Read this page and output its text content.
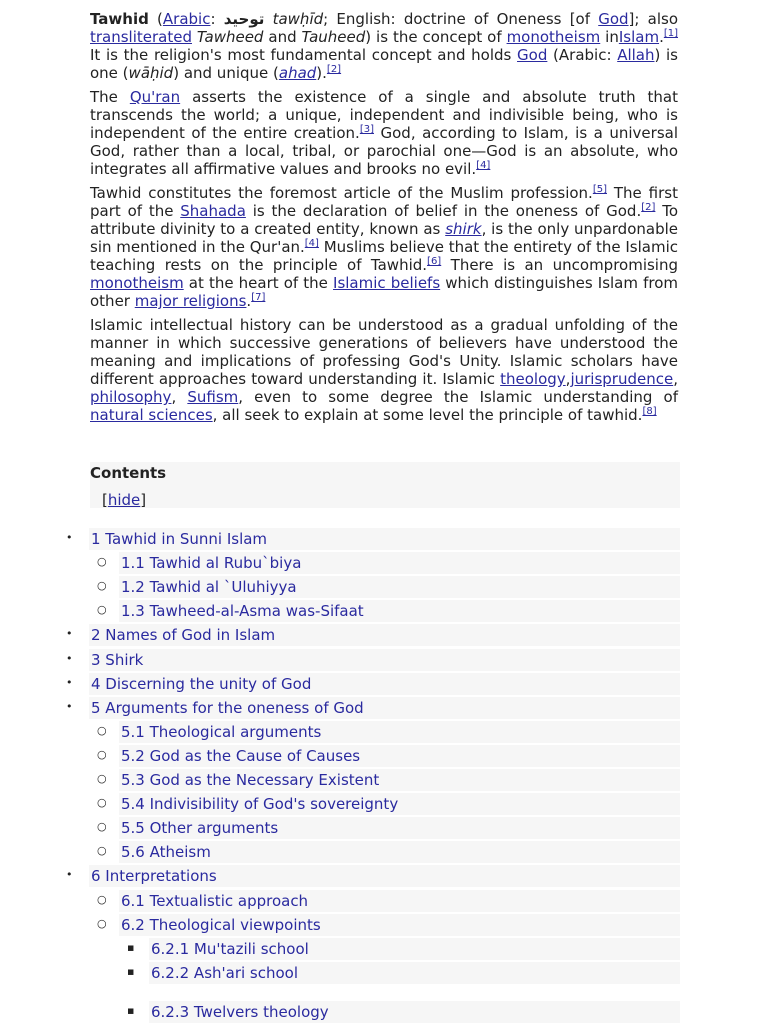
Tawhid (Arabic: توحيد tawḥīd; English: doctrine of Oneness [of God]; also transliterated Tawheed and Tauheed) is the concept of monotheism inIslam.[1] It is the religion's most fundamental concept and holds God (Arabic: Allah) is one (wāḥid) and unique (ahad).[2]

The Qu'ran asserts the existence of a single and absolute truth that transcends the world; a unique, independent and indivisible being, who is independent of the entire creation.[3] God, according to Islam, is a universal God, rather than a local, tribal, or parochial one—God is an absolute, who integrates all affirmative values and brooks no evil.[4]

Tawhid constitutes the foremost article of the Muslim profession.[5] The first part of the Shahada is the declaration of belief in the oneness of God.[2] To attribute divinity to a created entity, known as shirk, is the only unpardonable sin mentioned in the Qur'an.[4] Muslims believe that the entirety of the Islamic teaching rests on the principle of Tawhid.[6] There is an uncompromising monotheism at the heart of the Islamic beliefs which distinguishes Islam from other major religions.[7]

Islamic intellectual history can be understood as a gradual unfolding of the manner in which successive generations of believers have understood the meaning and implications of professing God's Unity. Islamic scholars have different approaches toward understanding it. Islamic theology,jurisprudence, philosophy, Sufism, even to some degree the Islamic understanding of natural sciences, all seek to explain at some level the principle of tawhid.[8]

Contents
[hide]
• 1 Tawhid in Sunni Islam
○ 1.1 Tawhid al Rubu`biya
○ 1.2 Tawhid al `Uluhiyya
○ 1.3 Tawheed-al-Asma was-Sifaat
• 2 Names of God in Islam
• 3 Shirk
• 4 Discerning the unity of God
• 5 Arguments for the oneness of God
○ 5.1 Theological arguments
○ 5.2 God as the Cause of Causes
○ 5.3 God as the Necessary Existent
○ 5.4 Indivisibility of God's sovereignty
○ 5.5 Other arguments
○ 5.6 Atheism
• 6 Interpretations
○ 6.1 Textualistic approach
○ 6.2 Theological viewpoints
▪ 6.2.1 Mu'tazili school
▪ 6.2.2 Ash'ari school
▪ 6.2.3 Twelvers theology
